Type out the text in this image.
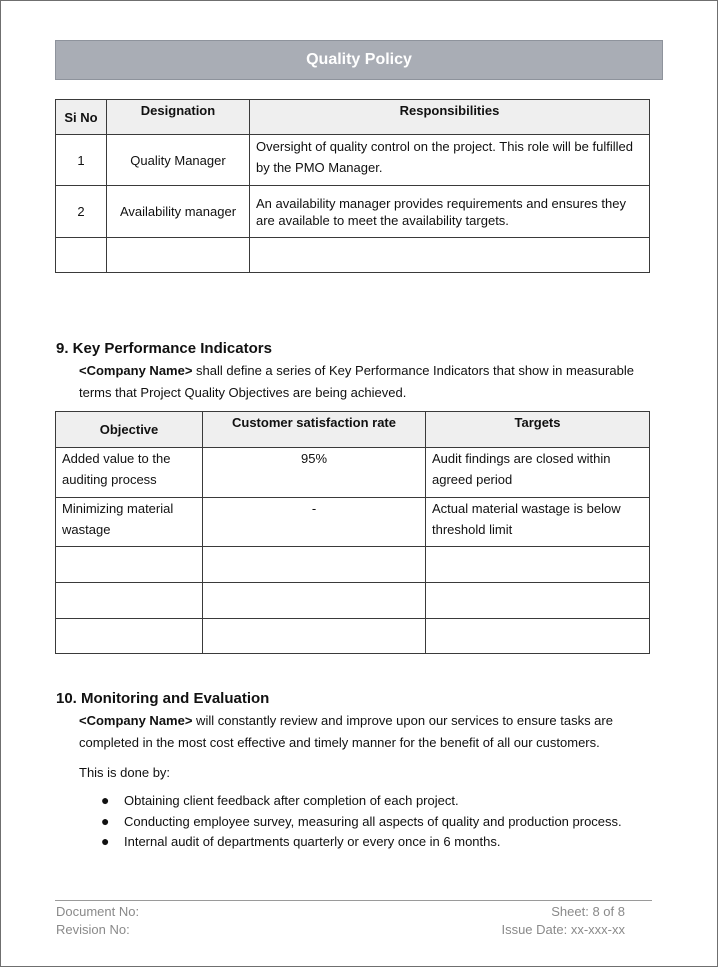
Quality Policy
Si No	Designation	Responsibilities
1	Quality Manager	Oversight of quality control on the project. This role will be fulfilled by the PMO Manager.
2	Availability manager	An availability manager provides requirements and ensures they are available to meet the availability targets.

9. Key Performance Indicators
<Company Name> shall define a series of Key Performance Indicators that show in measurable terms that Project Quality Objectives are being achieved.
Objective	Customer satisfaction rate	Targets
Added value to the auditing process	95%	Audit findings are closed within agreed period
Minimizing material wastage	-	Actual material wastage is below threshold limit

10. Monitoring and Evaluation
<Company Name> will constantly review and improve upon our services to ensure tasks are completed in the most cost effective and timely manner for the benefit of all our customers.
This is done by:
● Obtaining client feedback after completion of each project.
● Conducting employee survey, measuring all aspects of quality and production process.
● Internal audit of departments quarterly or every once in 6 months.
Document No:
Revision No:
Sheet: 8 of 8
Issue Date: xx-xxx-xx
